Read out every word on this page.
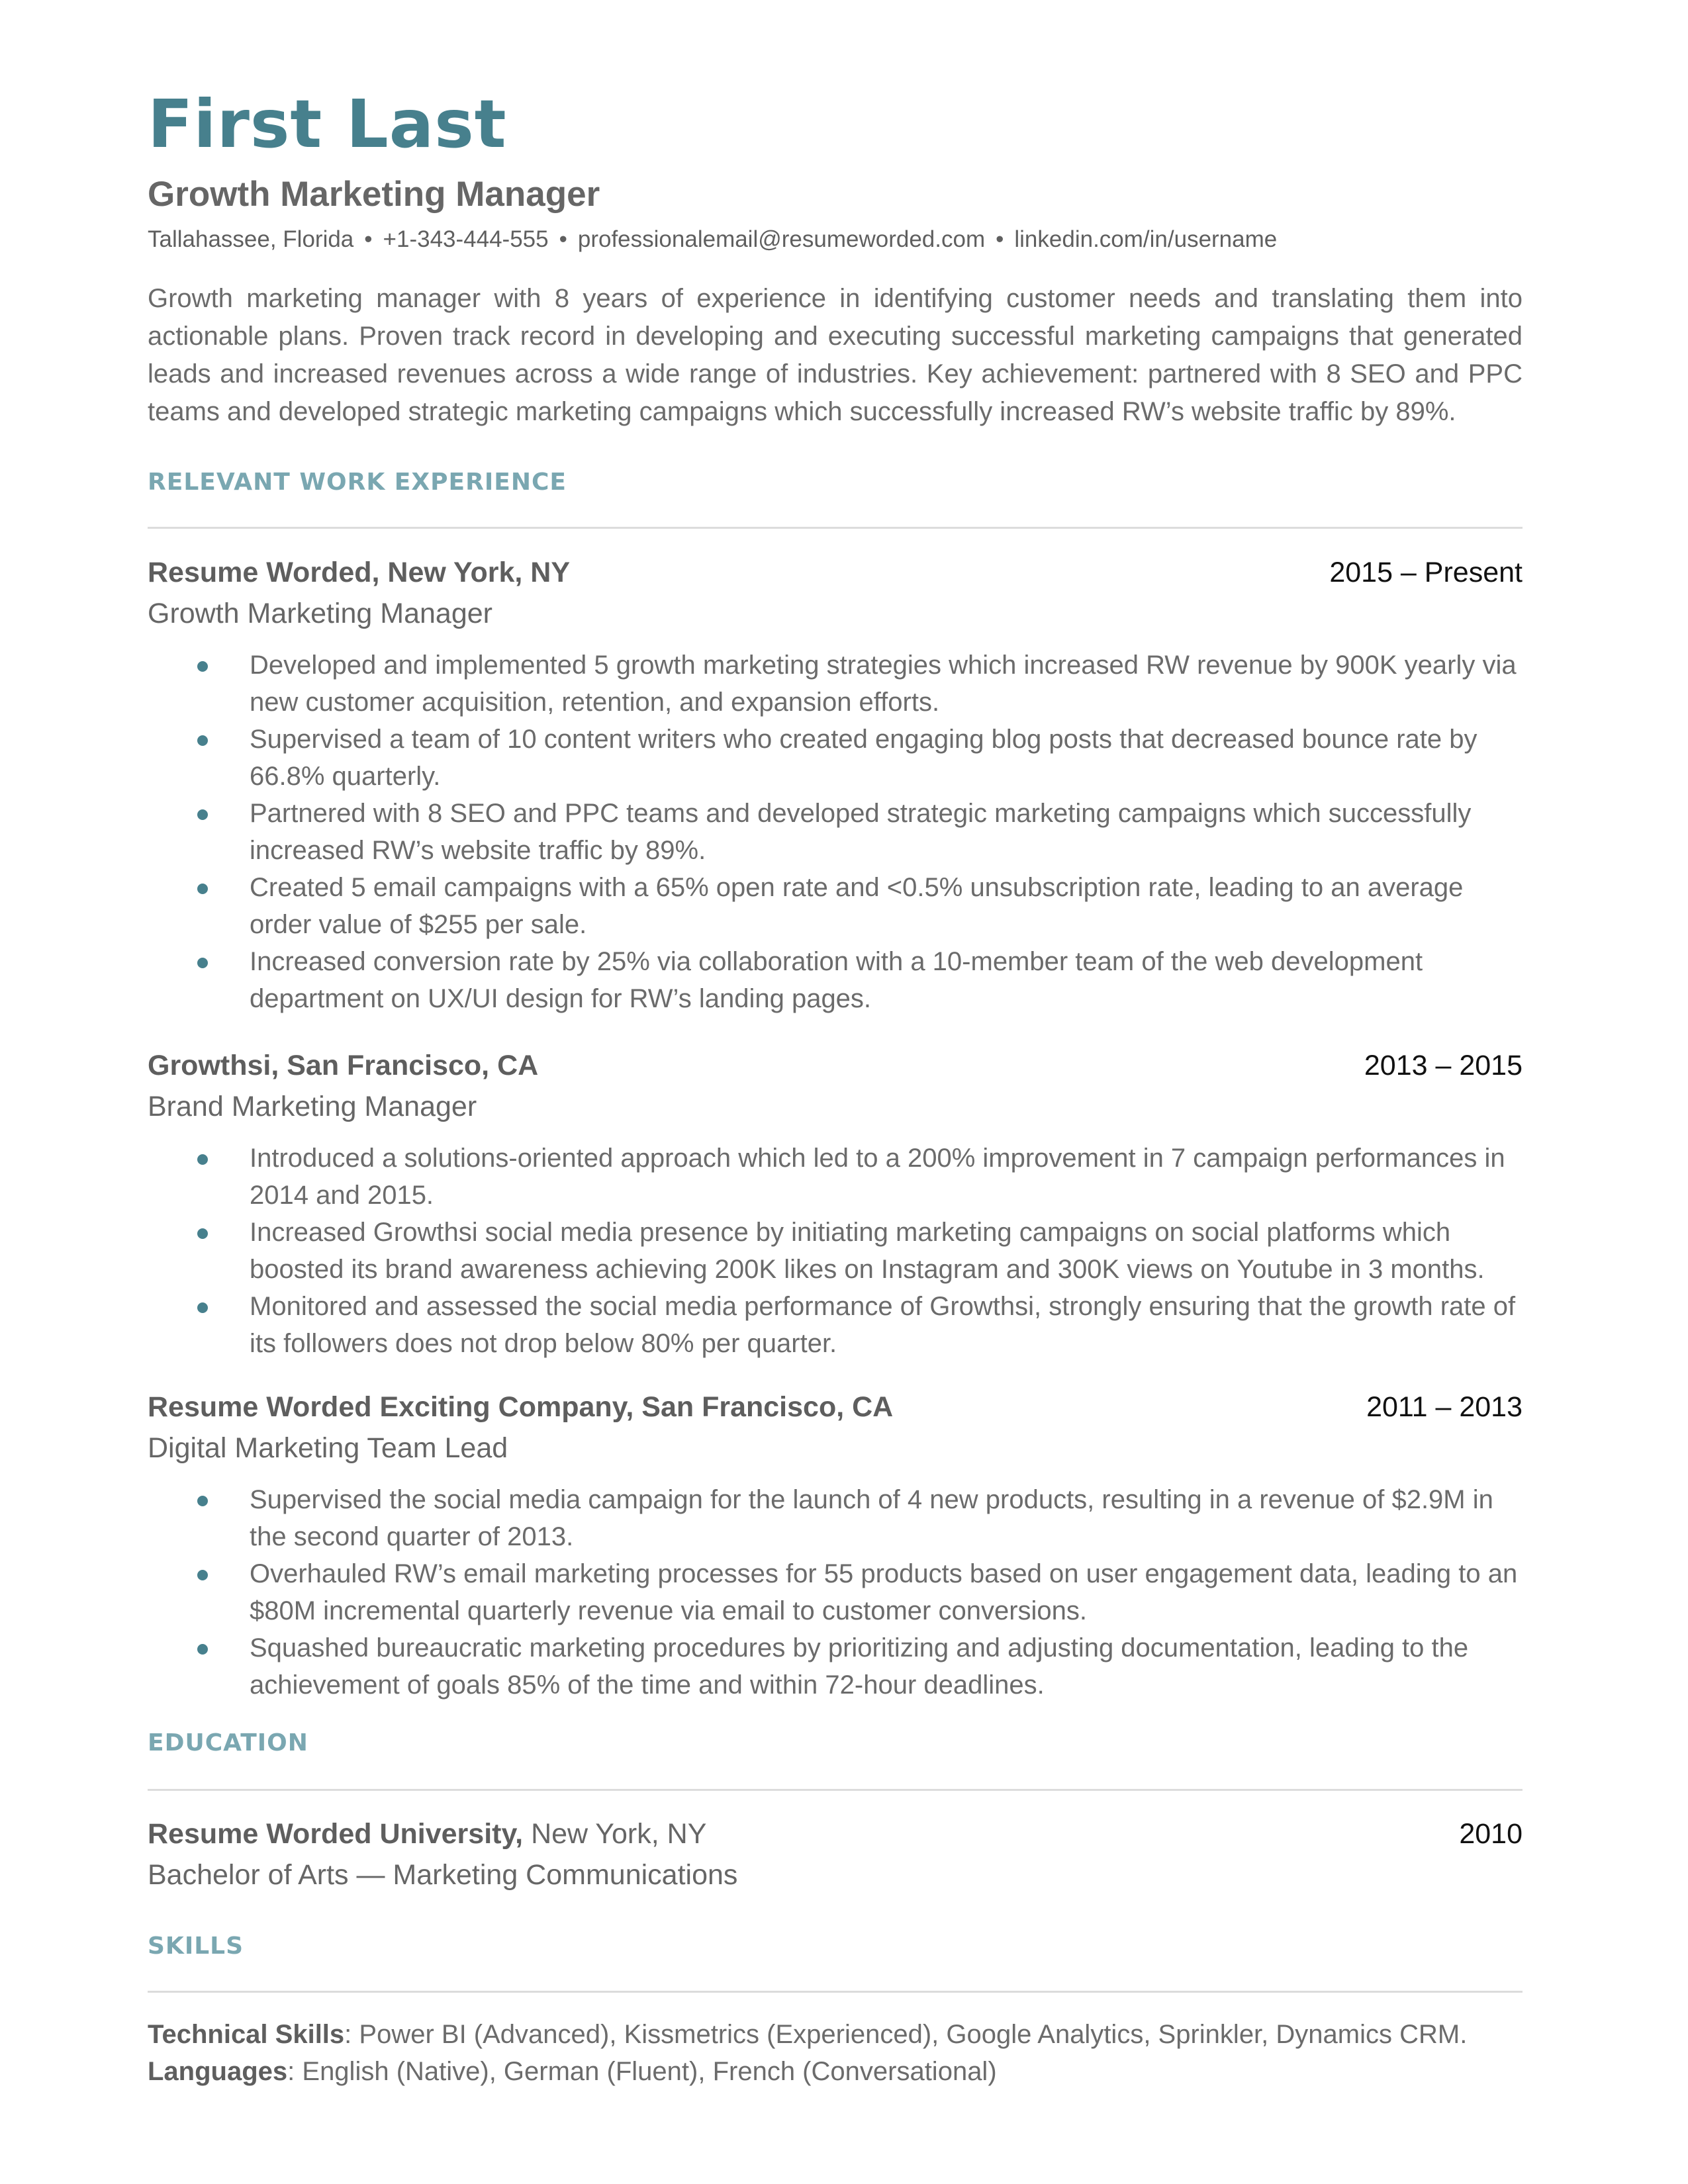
First Last
Growth Marketing Manager
Tallahassee, Florida • +1-343-444-555 • professionalemail@resumeworded.com • linkedin.com/in/username

Growth marketing manager with 8 years of experience in identifying customer needs and translating them into actionable plans. Proven track record in developing and executing successful marketing campaigns that generated leads and increased revenues across a wide range of industries. Key achievement: partnered with 8 SEO and PPC teams and developed strategic marketing campaigns which successfully increased RW’s website traffic by 89%.

RELEVANT WORK EXPERIENCE
Resume Worded, New York, NY	2015 – Present
Growth Marketing Manager
Developed and implemented 5 growth marketing strategies which increased RW revenue by 900K yearly via new customer acquisition, retention, and expansion efforts.
Supervised a team of 10 content writers who created engaging blog posts that decreased bounce rate by 66.8% quarterly.
Partnered with 8 SEO and PPC teams and developed strategic marketing campaigns which successfully increased RW’s website traffic by 89%.
Created 5 email campaigns with a 65% open rate and <0.5% unsubscription rate, leading to an average order value of $255 per sale.
Increased conversion rate by 25% via collaboration with a 10-member team of the web development department on UX/UI design for RW’s landing pages.
Growthsi, San Francisco, CA	2013 – 2015
Brand Marketing Manager
Introduced a solutions-oriented approach which led to a 200% improvement in 7 campaign performances in 2014 and 2015.
Increased Growthsi social media presence by initiating marketing campaigns on social platforms which boosted its brand awareness achieving 200K likes on Instagram and 300K views on Youtube in 3 months.
Monitored and assessed the social media performance of Growthsi, strongly ensuring that the growth rate of its followers does not drop below 80% per quarter.
Resume Worded Exciting Company, San Francisco, CA	2011 – 2013
Digital Marketing Team Lead
Supervised the social media campaign for the launch of 4 new products, resulting in a revenue of $2.9M in the second quarter of 2013.
Overhauled RW’s email marketing processes for 55 products based on user engagement data, leading to an $80M incremental quarterly revenue via email to customer conversions.
Squashed bureaucratic marketing procedures by prioritizing and adjusting documentation, leading to the achievement of goals 85% of the time and within 72-hour deadlines.
EDUCATION
Resume Worded University, New York, NY	2010
Bachelor of Arts — Marketing Communications
SKILLS
Technical Skills: Power BI (Advanced), Kissmetrics (Experienced), Google Analytics, Sprinkler, Dynamics CRM.
Languages: English (Native), German (Fluent), French (Conversational)
